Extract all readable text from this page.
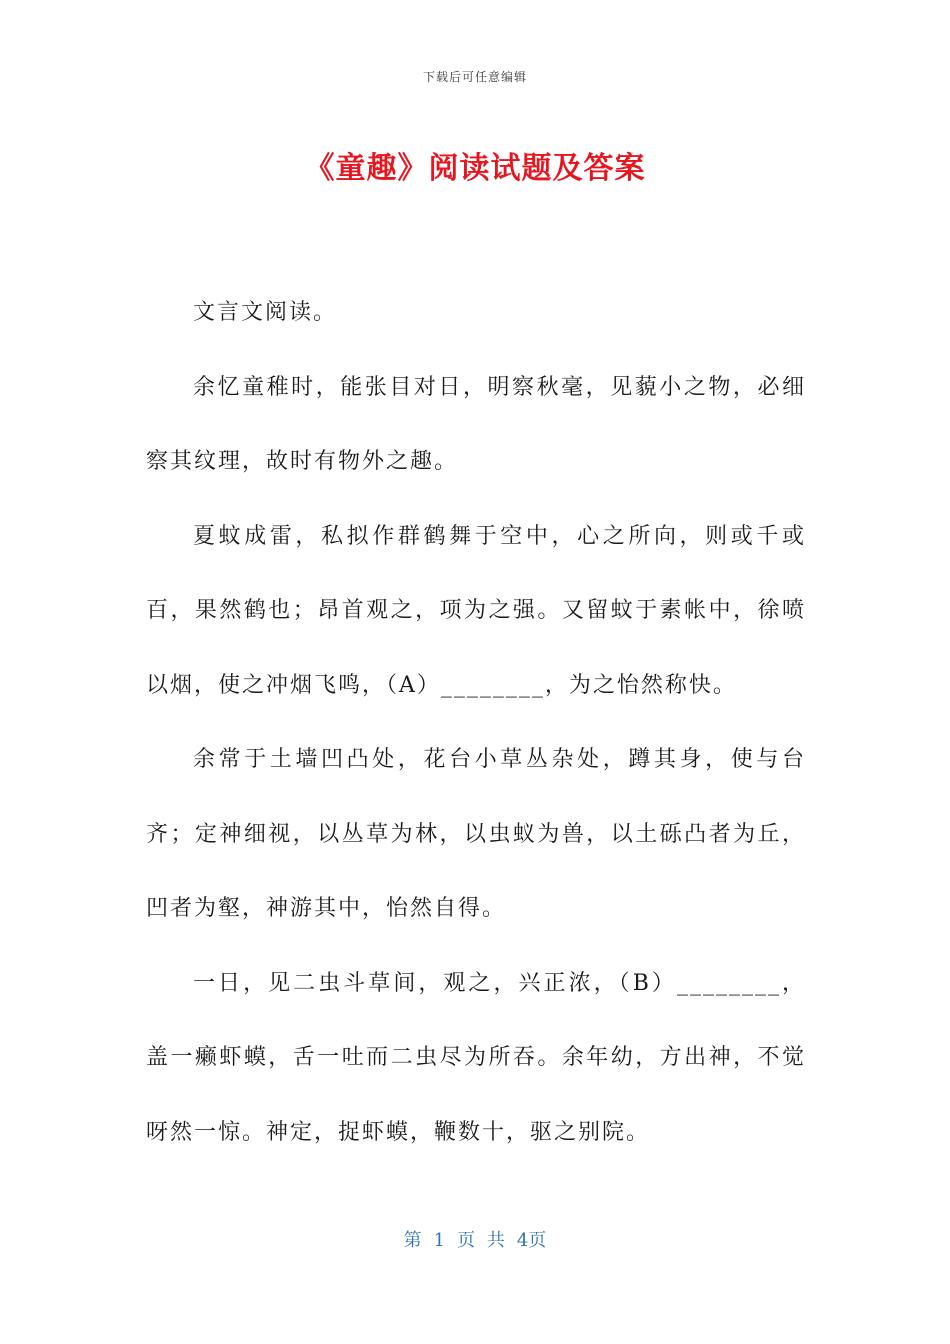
下载后可任意编辑
《童趣》阅读试题及答案

文言文阅读。

余忆童稚时，能张目对日，明察秋毫，见藐小之物，必细察其纹理，故时有物外之趣。

夏蚊成雷，私拟作群鹤舞于空中，心之所向，则或千或百，果然鹤也；昂首观之，项为之强。又留蚊于素帐中，徐喷以烟，使之冲烟飞鸣，（A）________，为之怡然称快。

余常于土墙凹凸处，花台小草丛杂处，蹲其身，使与台齐；定神细视，以丛草为林，以虫蚁为兽，以土砾凸者为丘，凹者为壑，神游其中，怡然自得。

一日，见二虫斗草间，观之，兴正浓，（B）________，盖一癞虾蟆，舌一吐而二虫尽为所吞。余年幼，方出神，不觉呀然一惊。神定，捉虾蟆，鞭数十，驱之别院。

第 1 页 共 4页
